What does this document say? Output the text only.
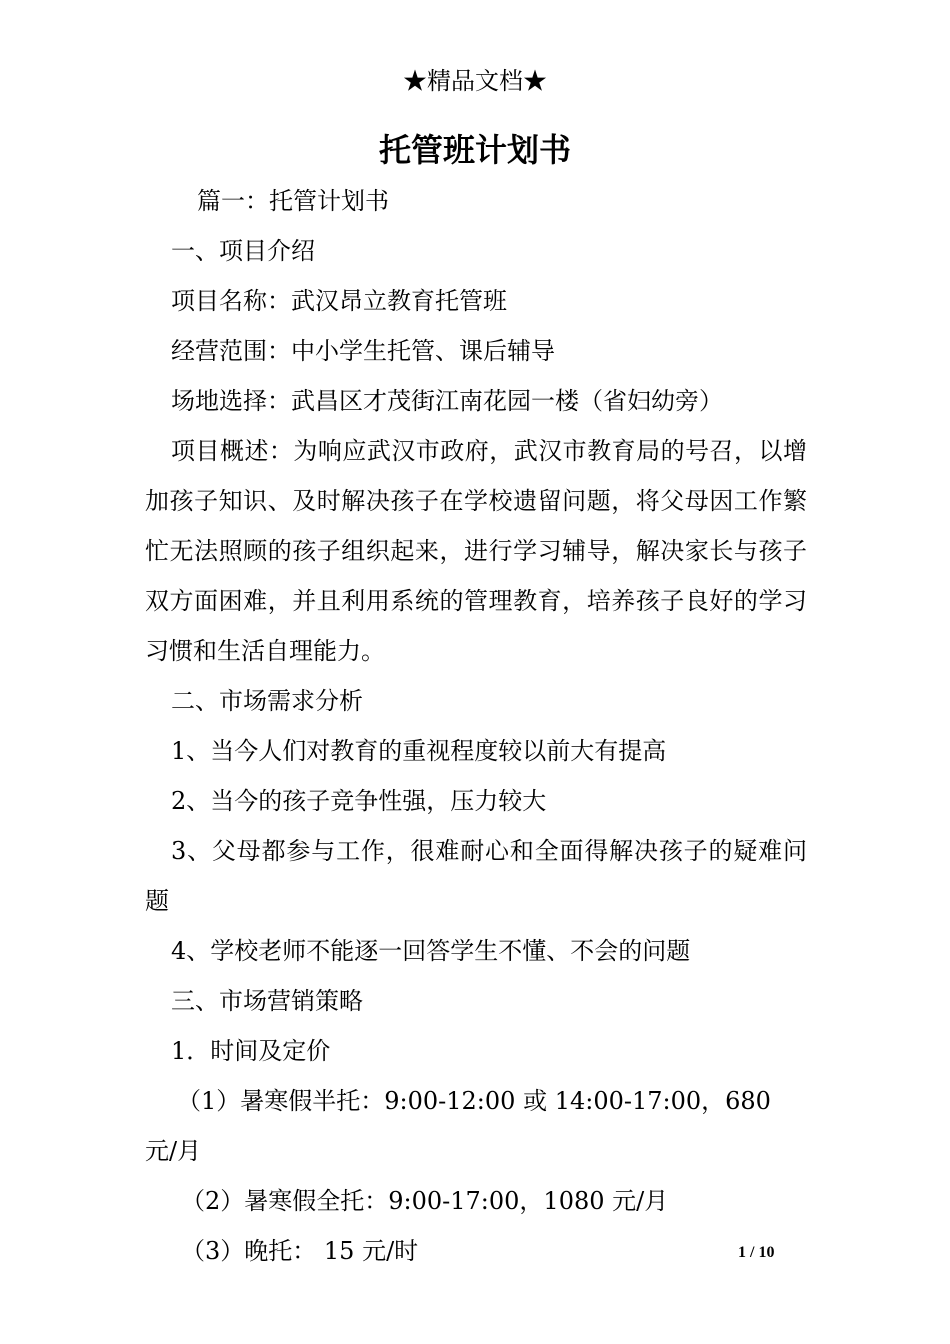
★精品文档★
托管班计划书

篇一：托管计划书

一、项目介绍

项目名称：武汉昂立教育托管班

经营范围：中小学生托管、课后辅导

场地选择：武昌区才茂街江南花园一楼（省妇幼旁）

项目概述：为响应武汉市政府，武汉市教育局的号召，以增加孩子知识、及时解决孩子在学校遗留问题，将父母因工作繁忙无法照顾的孩子组织起来，进行学习辅导，解决家长与孩子双方面困难，并且利用系统的管理教育，培养孩子良好的学习习惯和生活自理能力。

二、市场需求分析

1、当今人们对教育的重视程度较以前大有提高

2、当今的孩子竞争性强，压力较大

3、父母都参与工作，很难耐心和全面得解决孩子的疑难问题

4、学校老师不能逐一回答学生不懂、不会的问题

三、市场营销策略

1．时间及定价

（1）暑寒假半托：9:00-12:00 或 14:00-17:00，680 元/月

（2）暑寒假全托：9:00-17:00，1080 元/月

（3）晚托： 15 元/时	1 / 10
